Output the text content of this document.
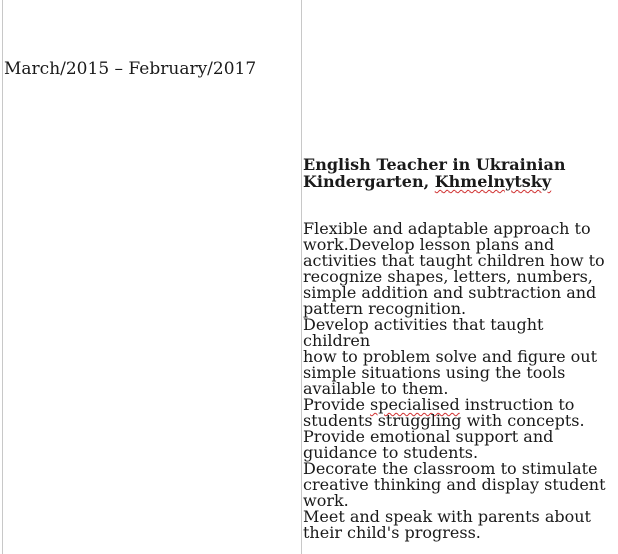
March/2015 – February/2017
English Teacher in Ukrainian
Kindergarten, Khmelnytsky

Flexible and adaptable approach to
work.Develop lesson plans and
activities that taught children how to
recognize shapes, letters, numbers,
simple addition and subtraction and
pattern recognition.

Develop activities that taught children
how to problem solve and figure out
simple situations using the tools
available to them.

Provide specialised instruction to
students struggling with concepts.

Provide emotional support and
guidance to students.

Decorate the classroom to stimulate
creative thinking and display student
work.

Meet and speak with parents about
their child's progress.
